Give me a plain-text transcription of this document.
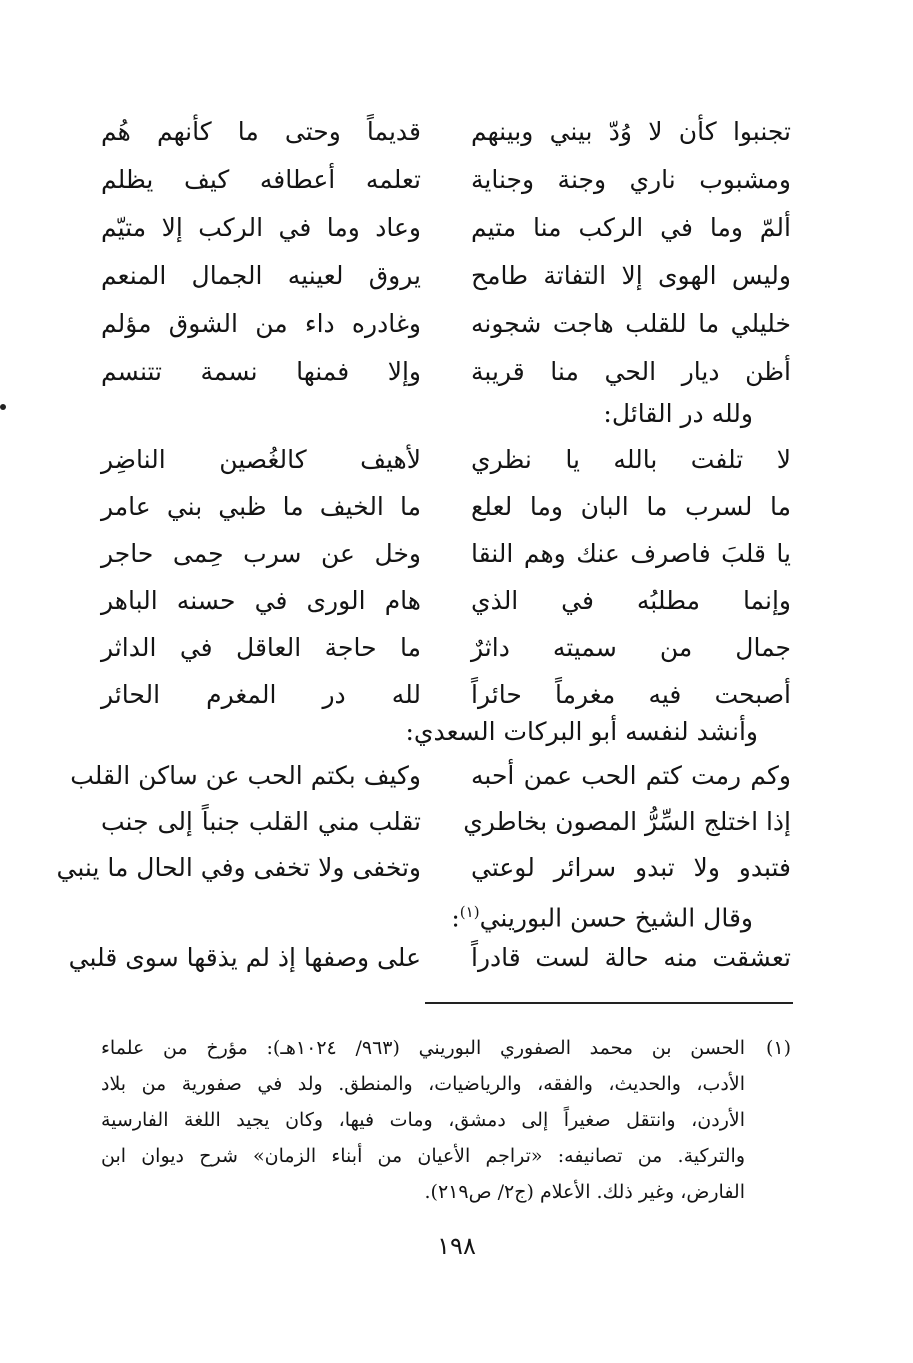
تجنبوا كأن لا وُدّ بيني وبينهم
قديماً وحتى ما كأنهم هُم
ومشبوب ناري وجنة وجناية
تعلمه أعطافه كيف يظلم
ألمّ وما في الركب منا متيم
وعاد وما في الركب إلا متيّم
وليس الهوى إلا التفاتة طامح
يروق لعينيه الجمال المنعم
خليلي ما للقلب هاجت شجونه
وغادره داء من الشوق مؤلم
أظن ديار الحي منا قريبة
وإلا فمنها نسمة تتنسم
ولله در القائل:
لا تلفت بالله يا نظري
لأهيف كالغُصين الناضِر
ما لسرب ما البان وما لعلع
ما الخيف ما ظبي بني عامر
يا قلبَ فاصرف عنك وهم النقا
وخل عن سرب حِمى حاجر
وإنما مطلبُه في الذي
هام الورى في حسنه الباهر
جمال من سميته داثرٌ
ما حاجة العاقل في الداثر
أصبحت فيه مغرماً حائراً
لله در المغرم الحائر
وأنشد لنفسه أبو البركات السعدي:
وكم رمت كتم الحب عمن أحبه
وكيف بكتم الحب عن ساكن القلب
إذا اختلج السِّرُّ المصون بخاطري
تقلب مني القلب جنباً إلى جنب
فتبدو ولا تبدو سرائر لوعتي
وتخفى ولا تخفى وفي الحال ما ينبي
وقال الشيخ حسن البوريني$^{(١)}$:
تعشقت منه حالة لست قادراً
على وصفها إذ لم يذقها سوى قلبي
(١)
الحسن بن محمد الصفوري البوريني (٩٦٣/ ١٠٢٤هـ): مؤرخ من علماء
الأدب، والحديث، والفقه، والرياضيات، والمنطق. ولد في صفورية من بلاد
الأردن، وانتقل صغيراً إلى دمشق، ومات فيها، وكان يجيد اللغة الفارسية
والتركية. من تصانيفه: «تراجم الأعيان من أبناء الزمان» شرح ديوان ابن
الفارض، وغير ذلك. الأعلام (ج٢/ ص٢١٩).
١٩٨
